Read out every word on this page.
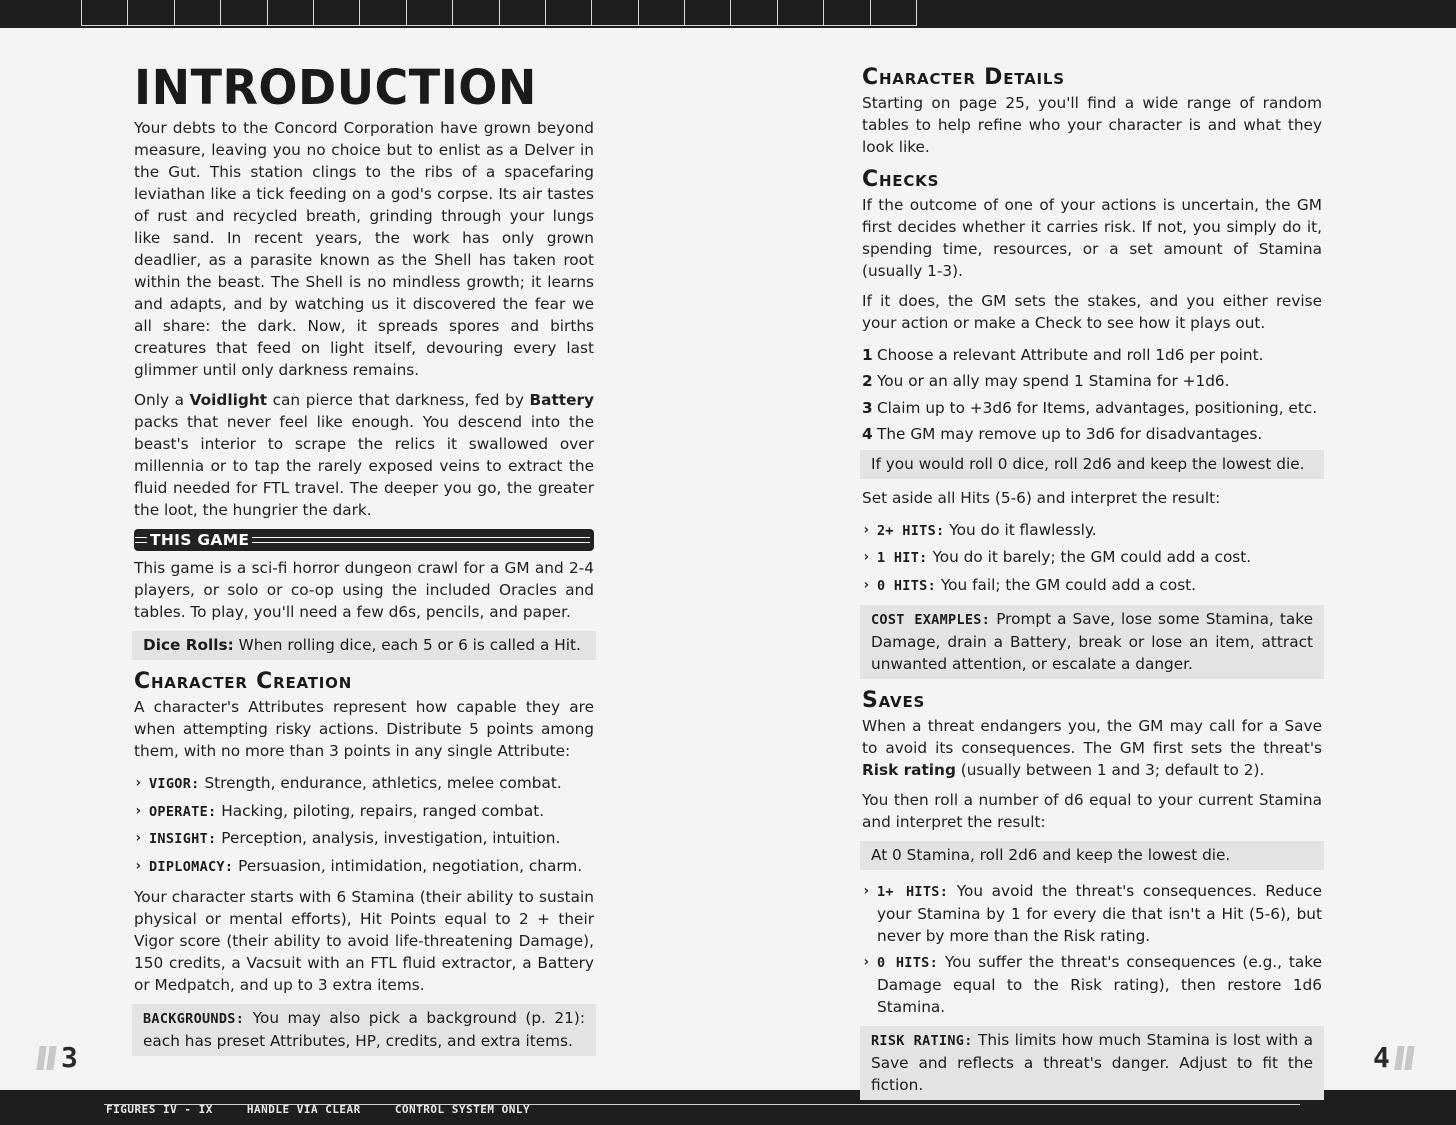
FIGURES IV - IX	HANDLE VIA CLEAR	CONTROL SYSTEM ONLY
INTRODUCTION

Your debts to the Concord Corporation have grown beyond measure, leaving you no choice but to enlist as a Delver in the Gut. This station clings to the ribs of a spacefaring leviathan like a tick feeding on a god's corpse. Its air tastes of rust and recycled breath, grinding through your lungs like sand. In recent years, the work has only grown deadlier, as a parasite known as the Shell has taken root within the beast. The Shell is no mindless growth; it learns and adapts, and by watching us it discovered the fear we all share: the dark. Now, it spreads spores and births creatures that feed on light itself, devouring every last glimmer until only darkness remains.

Only a Voidlight can pierce that darkness, fed by Battery packs that never feel like enough. You descend into the beast's interior to scrape the relics it swallowed over millennia or to tap the rarely exposed veins to extract the fluid needed for FTL travel. The deeper you go, the greater the loot, the hungrier the dark.

THIS GAME

This game is a sci-fi horror dungeon crawl for a GM and 2-4 players, or solo or co-op using the included Oracles and tables. To play, you'll need a few d6s, pencils, and paper.

Dice Rolls: When rolling dice, each 5 or 6 is called a Hit.
Character Creation

A character's Attributes represent how capable they are when attempting risky actions. Distribute 5 points among them, with no more than 3 points in any single Attribute:

› VIGOR: Strength, endurance, athletics, melee combat.
› OPERATE: Hacking, piloting, repairs, ranged combat.
› INSIGHT: Perception, analysis, investigation, intuition.
› DIPLOMACY: Persuasion, intimidation, negotiation, charm.

Your character starts with 6 Stamina (their ability to sustain physical or mental efforts), Hit Points equal to 2 + their Vigor score (their ability to avoid life-threatening Damage), 150 credits, a Vacsuit with an FTL fluid extractor, a Battery or Medpatch, and up to 3 extra items.

BACKGROUNDS: You may also pick a background (p. 21): each has preset Attributes, HP, credits, and extra items.
3
Character Details

Starting on page 25, you'll find a wide range of random tables to help refine who your character is and what they look like.

Checks

If the outcome of one of your actions is uncertain, the GM first decides whether it carries risk. If not, you simply do it, spending time, resources, or a set amount of Stamina (usually 1-3).

If it does, the GM sets the stakes, and you either revise your action or make a Check to see how it plays out.

1 Choose a relevant Attribute and roll 1d6 per point.
2 You or an ally may spend 1 Stamina for +1d6.
3 Claim up to +3d6 for Items, advantages, positioning, etc.
4 The GM may remove up to 3d6 for disadvantages.
If you would roll 0 dice, roll 2d6 and keep the lowest die.

Set aside all Hits (5-6) and interpret the result:

› 2+ HITS: You do it flawlessly.
› 1 HIT: You do it barely; the GM could add a cost.
› 0 HITS: You fail; the GM could add a cost.
COST EXAMPLES: Prompt a Save, lose some Stamina, take Damage, drain a Battery, break or lose an item, attract unwanted attention, or escalate a danger.
Saves

When a threat endangers you, the GM may call for a Save to avoid its consequences. The GM first sets the threat's Risk rating (usually between 1 and 3; default to 2).

You then roll a number of d6 equal to your current Stamina and interpret the result:

At 0 Stamina, roll 2d6 and keep the lowest die.
› 1+ HITS: You avoid the threat's consequences. Reduce your Stamina by 1 for every die that isn't a Hit (5-6), but never by more than the Risk rating.
› 0 HITS: You suffer the threat's consequences (e.g., take Damage equal to the Risk rating), then restore 1d6 Stamina.
RISK RATING: This limits how much Stamina is lost with a Save and reflects a threat's danger. Adjust to fit the fiction.
4
